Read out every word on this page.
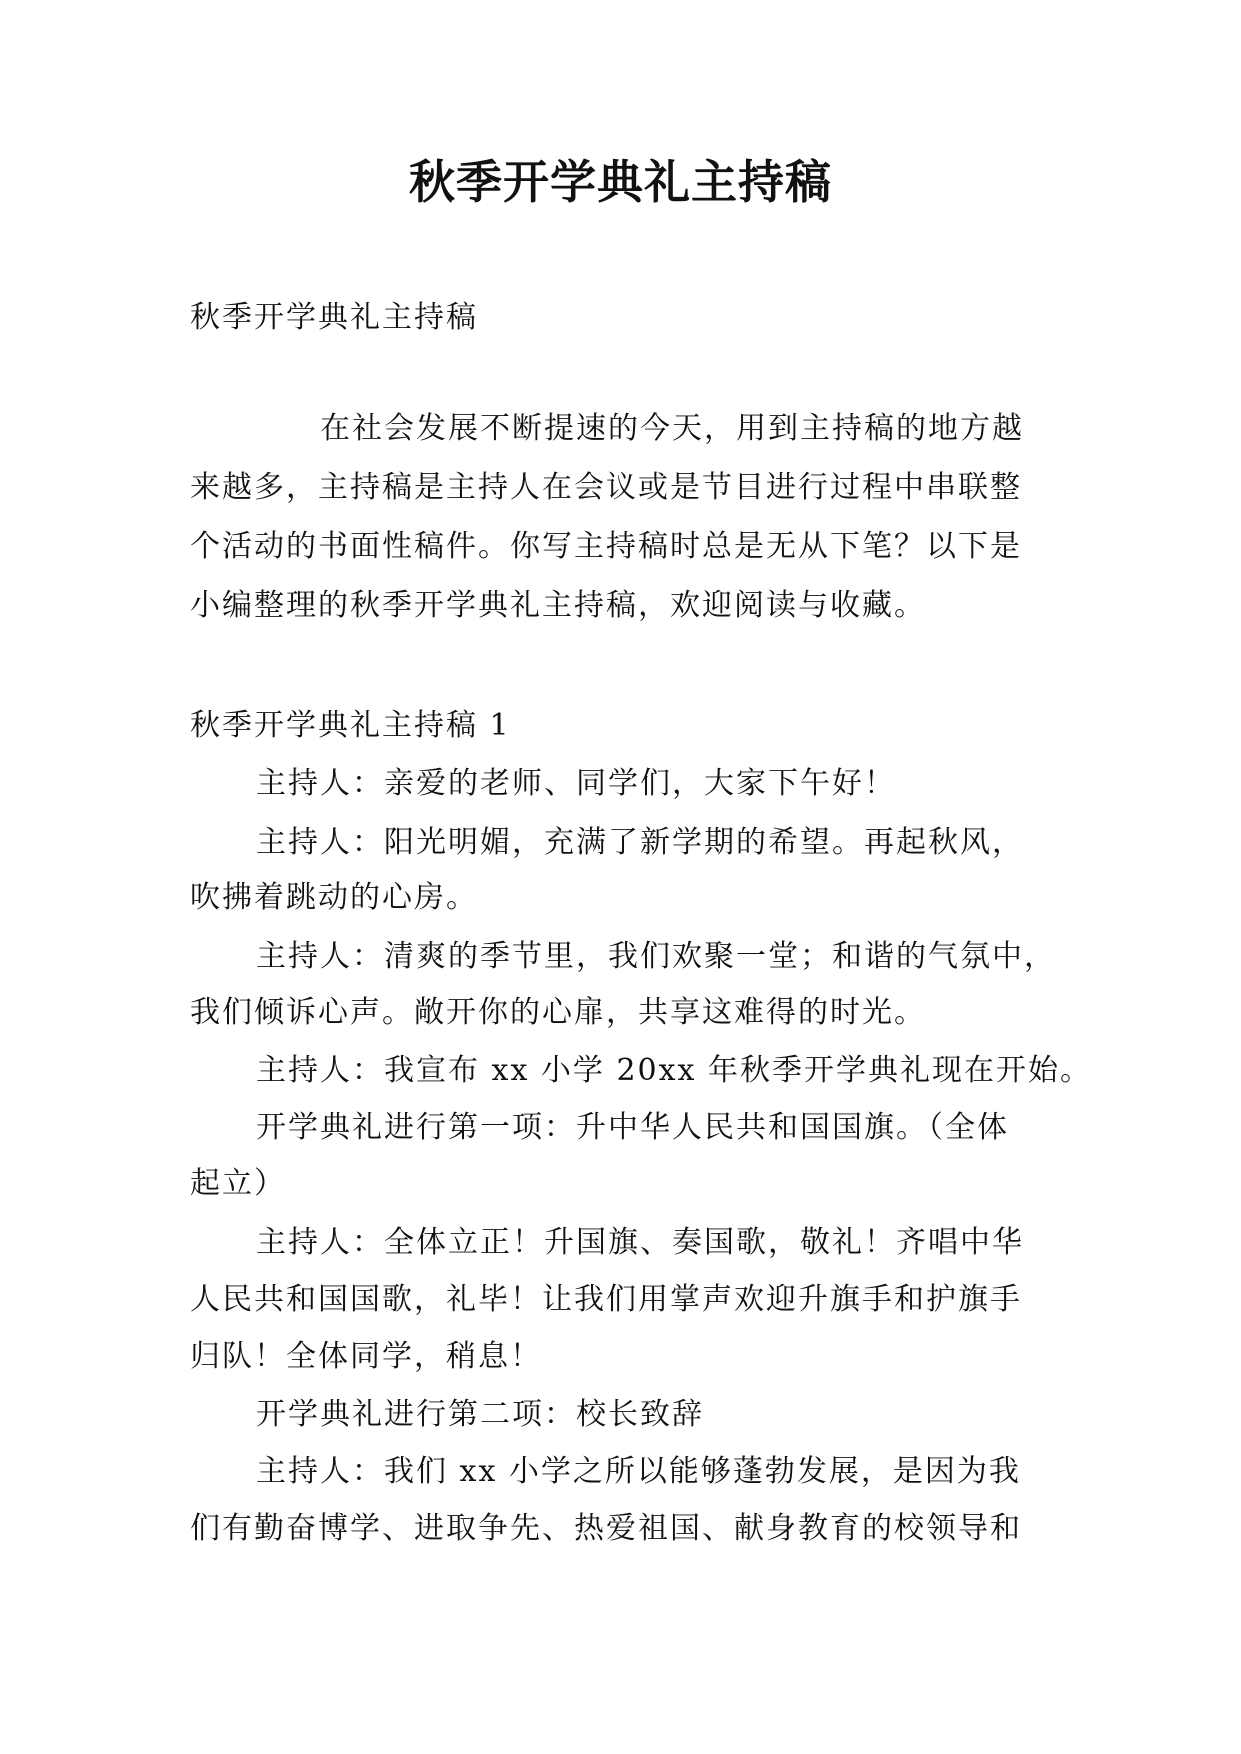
秋季开学典礼主持稿
秋季开学典礼主持稿
在社会发展不断提速的今天，用到主持稿的地方越
来越多，主持稿是主持人在会议或是节目进行过程中串联整
个活动的书面性稿件。你写主持稿时总是无从下笔？以下是
小编整理的秋季开学典礼主持稿，欢迎阅读与收藏。
秋季开学典礼主持稿 1
主持人：亲爱的老师、同学们，大家下午好！
主持人：阳光明媚，充满了新学期的希望。再起秋风，
吹拂着跳动的心房。
主持人：清爽的季节里，我们欢聚一堂；和谐的气氛中，
我们倾诉心声。敞开你的心扉，共享这难得的时光。
主持人：我宣布 xx 小学 20xx 年秋季开学典礼现在开始。
开学典礼进行第一项：升中华人民共和国国旗。（全体
起立）
主持人：全体立正！升国旗、奏国歌，敬礼！齐唱中华
人民共和国国歌，礼毕！让我们用掌声欢迎升旗手和护旗手
归队！全体同学，稍息！
开学典礼进行第二项：校长致辞
主持人：我们 xx 小学之所以能够蓬勃发展，是因为我
们有勤奋博学、进取争先、热爱祖国、献身教育的校领导和
